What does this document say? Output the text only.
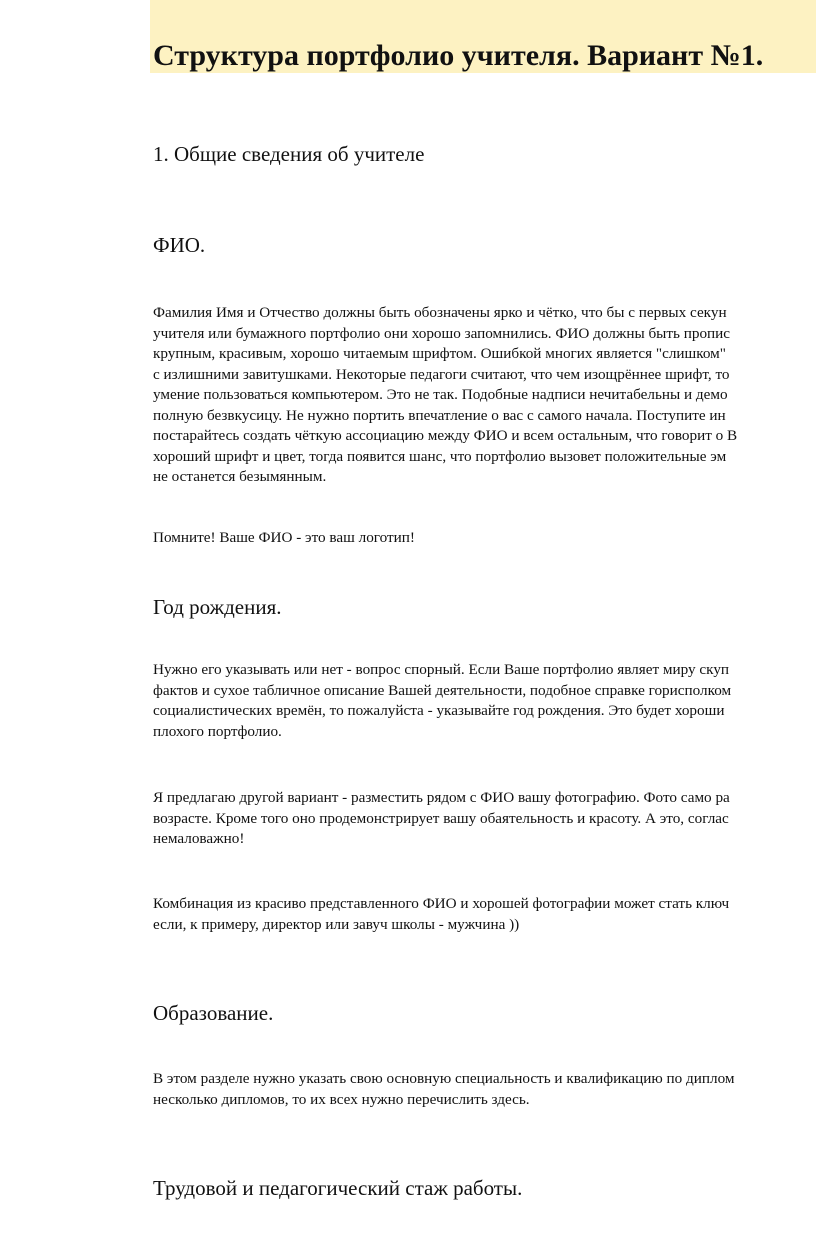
Структура портфолио учителя. Вариант №1.
1. Общие сведения об учителе
ФИО.

Фамилия Имя и Отчество должны быть обозначены ярко и чётко, что бы с первых секун
учителя или бумажного портфолио они хорошо запомнились. ФИО должны быть пропис
крупным, красивым, хорошо читаемым шрифтом. Ошибкой многих является "слишком"
с излишними завитушками. Некоторые педагоги считают, что чем изощрённее шрифт, то
умение пользоваться компьютером. Это не так. Подобные надписи нечитабельны и демо
полную безвкусицу. Не нужно портить впечатление о вас с самого начала. Поступите ин
постарайтесь создать чёткую ассоциацию между ФИО и всем остальным, что говорит о В
хороший шрифт и цвет, тогда появится шанс, что портфолио вызовет положительные эм
не останется безымянным.

Помните! Ваше ФИО - это ваш логотип!

Год рождения.

Нужно его указывать или нет - вопрос спорный. Если Ваше портфолио являет миру скуп
фактов и сухое табличное описание Вашей деятельности, подобное справке горисполком
социалистических времён, то пожалуйста - указывайте год рождения. Это будет хороши
плохого портфолио.

Я предлагаю другой вариант - разместить рядом с ФИО вашу фотографию. Фото само ра
возрасте. Кроме того оно продемонстрирует вашу обаятельность и красоту. А это, соглас
немаловажно!

Комбинация из красиво представленного ФИО и хорошей фотографии может стать ключ
если, к примеру, директор или завуч школы - мужчина ))

Образование.

В этом разделе нужно указать свою основную специальность и квалификацию по диплом
несколько дипломов, то их всех нужно перечислить здесь.

Трудовой и педагогический стаж работы.
